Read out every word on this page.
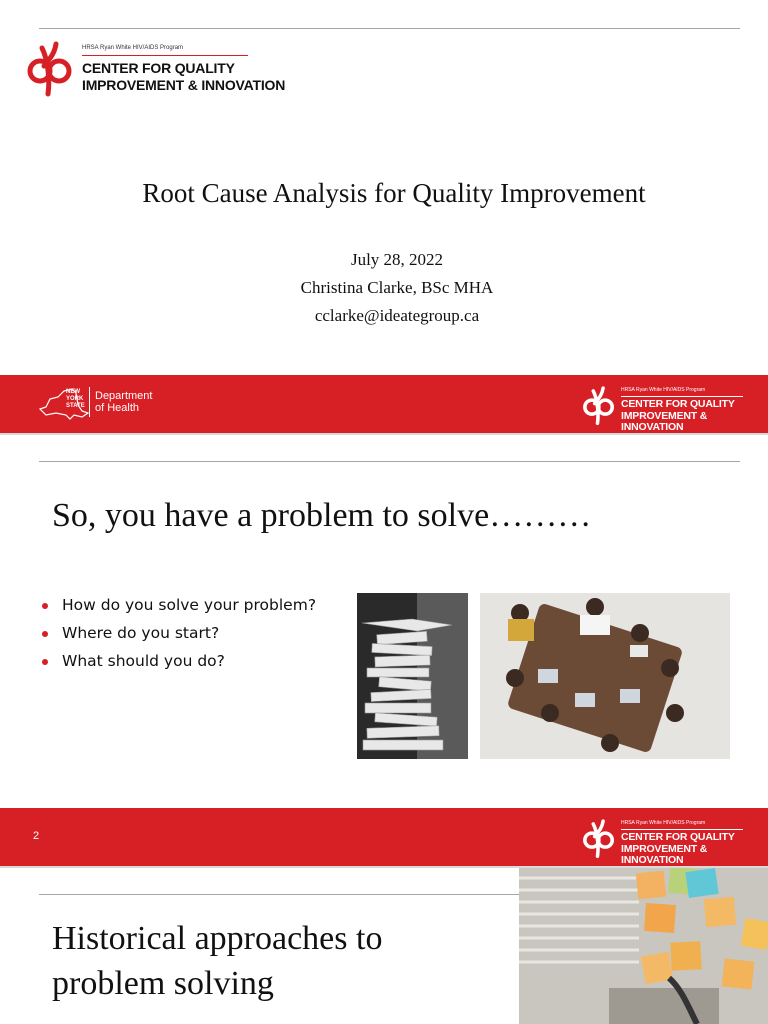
HRSA Ryan White HIV/AIDS Program
CENTER FOR QUALITY
IMPROVEMENT & INNOVATION
Root Cause Analysis for Quality Improvement
July 28, 2022
Christina Clarke, BSc MHA
cclarke@ideategroup.ca
NEW
YORK
STATE
Department
of Health
HRSA Ryan White HIV/AIDS Program
CENTER FOR QUALITY
IMPROVEMENT & INNOVATION
So, you have a problem to solve………
How do you solve your problem?
Where do you start?
What should you do?
2
HRSA Ryan White HIV/AIDS Program
CENTER FOR QUALITY
IMPROVEMENT & INNOVATION
Historical approaches to
problem solving
